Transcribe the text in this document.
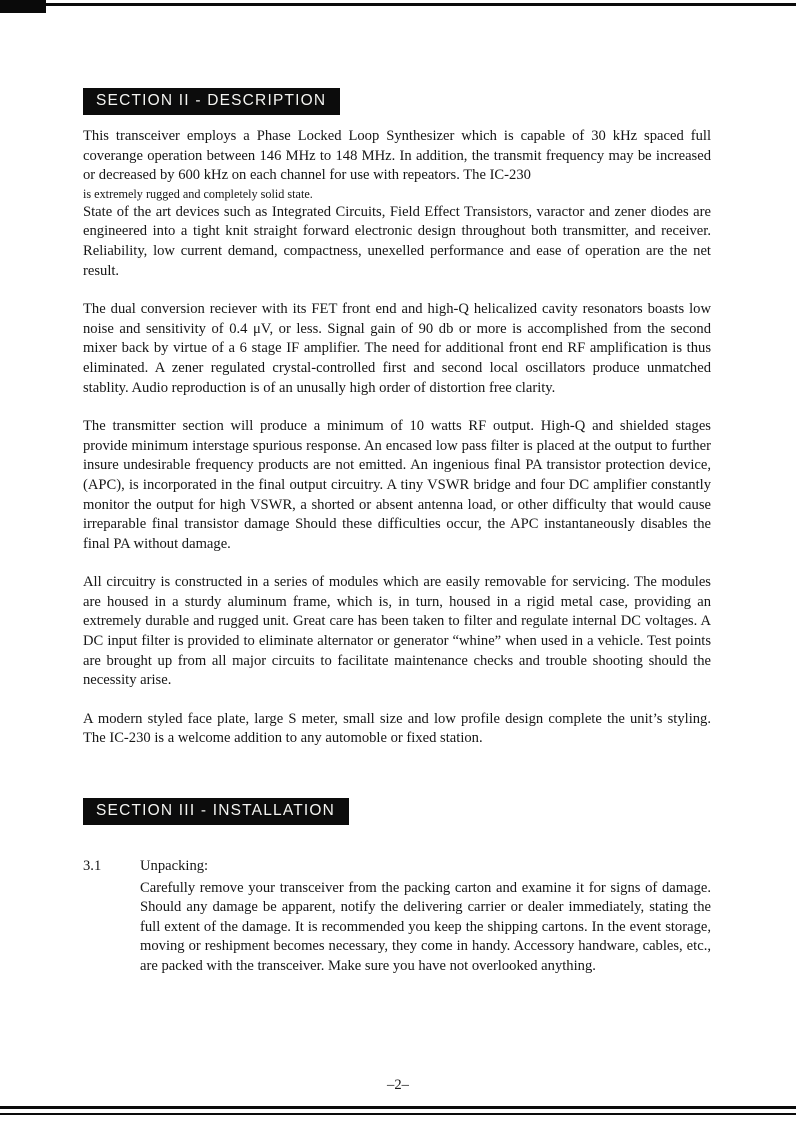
SECTION II - DESCRIPTION

This transceiver employs a Phase Locked Loop Synthesizer which is capable of 30 kHz spaced full coverange operation between 146 MHz to 148 MHz. In addition, the transmit frequency may be increased or decreased by 600 kHz on each channel for use with repeators. The IC-230
is extremely rugged and completely solid state.

State of the art devices such as Integrated Circuits, Field Effect Transistors, varactor and zener diodes are engineered into a tight knit straight forward electronic design throughout both transmitter, and receiver. Reliability, low current demand, compactness, unexelled performance and ease of operation are the net result.

The dual conversion reciever with its FET front end and high-Q helicalized cavity resonators boasts low noise and sensitivity of 0.4 μV, or less. Signal gain of 90 db or more is accomplished from the second mixer back by virtue of a 6 stage IF amplifier. The need for additional front end RF amplification is thus eliminated. A zener regulated crystal-controlled first and second local oscillators produce unmatched stablity. Audio reproduction is of an unusally high order of distortion free clarity.

The transmitter section will produce a minimum of 10 watts RF output. High-Q and shielded stages provide minimum interstage spurious response. An encased low pass filter is placed at the output to further insure undesirable frequency products are not emitted. An ingenious final PA transistor protection device, (APC), is incorporated in the final output circuitry. A tiny VSWR bridge and four DC amplifier constantly monitor the output for high VSWR, a shorted or absent antenna load, or other difficulty that would cause irreparable final transistor damage Should these difficulties occur, the APC instantaneously disables the final PA without damage.

All circuitry is constructed in a series of modules which are easily removable for servicing. The modules are housed in a sturdy aluminum frame, which is, in turn, housed in a rigid metal case, providing an extremely durable and rugged unit. Great care has been taken to filter and regulate internal DC voltages. A DC input filter is provided to eliminate alternator or generator “whine” when used in a vehicle. Test points are brought up from all major circuits to facilitate maintenance checks and trouble shooting should the necessity arise.

A modern styled face plate, large S meter, small size and low profile design complete the unit’s styling. The IC-230 is a welcome addition to any automoble or fixed station.

SECTION III - INSTALLATION
3.1	Unpacking:
Carefully remove your transceiver from the packing carton and examine it for signs of damage. Should any damage be apparent, notify the delivering carrier or dealer immediately, stating the full extent of the damage. It is recommended you keep the shipping cartons. In the event storage, moving or reshipment becomes necessary, they come in handy. Accessory handware, cables, etc., are packed with the transceiver. Make sure you have not overlooked anything.
–2–
